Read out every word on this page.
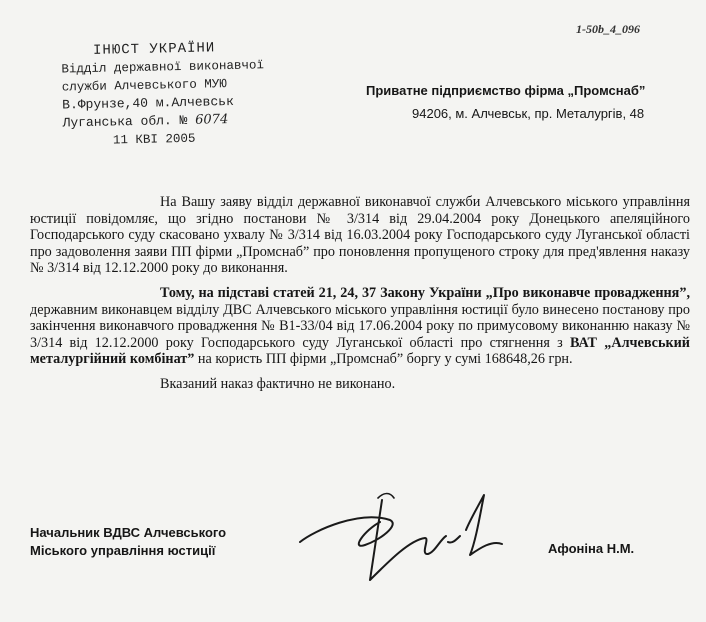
1-50b_4_096
ІНЮСТ УКРАЇНИ
Відділ державної виконавчої
служби Алчевського МУЮ
В.Фрунзе,40 м.Алчевськ
Луганська обл. № 6074
11 КВІ 2005
Приватне підприємство фірма „Промснаб”
94206, м. Алчевськ, пр. Металургів, 48

На Вашу заяву відділ державної виконавчої служби Алчевського міського управління юстиції повідомляє, що згідно постанови № 3/314 від 29.04.2004 року Донецького апеляційного Господарського суду скасовано ухвалу № 3/314 від 16.03.2004 року Господарського суду Луганської області про задоволення заяви ПП фірми „Промснаб” про поновлення пропущеного строку для пред'явлення наказу № 3/314 від 12.12.2000 року до виконання.

Тому, на підставі статей 21, 24, 37 Закону України „Про виконавче провадження”, державним виконавцем відділу ДВС Алчевського міського управління юстиції було винесено постанову про закінчення виконавчого провадження № В1-33/04 від 17.06.2004 року по примусовому виконанню наказу № 3/314 від 12.12.2000 року Господарського суду Луганської області про стягнення з ВАТ „Алчевський металургійний комбінат” на користь ПП фірми „Промснаб” боргу у сумі 168648,26 грн.

Вказаний наказ фактично не виконано.

Начальник ВДВС Алчевського
Міського управління юстиції	Афоніна Н.М.
